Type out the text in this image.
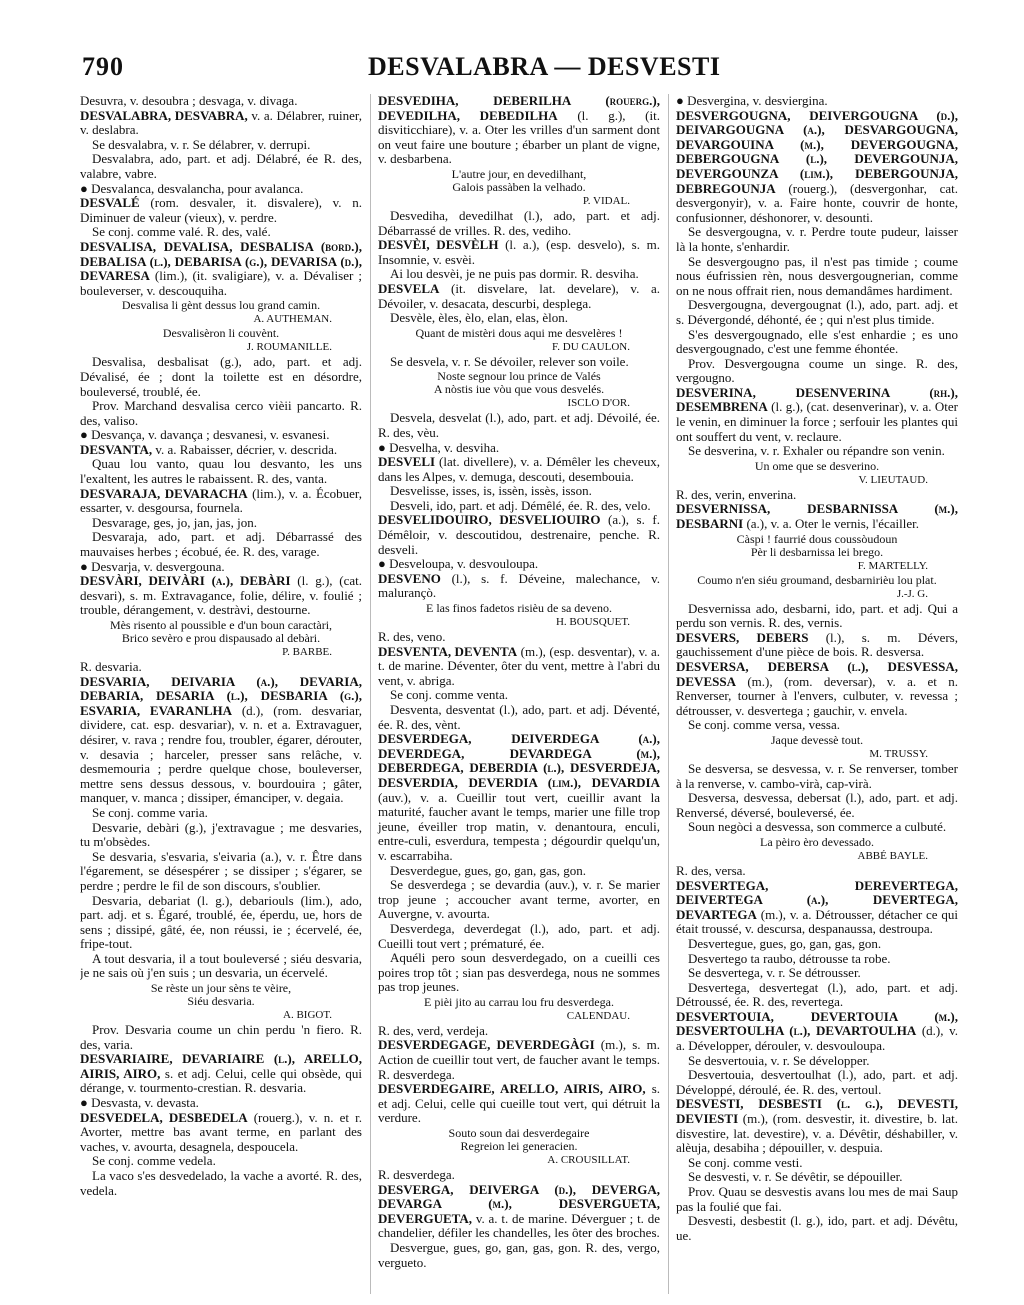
790	DESVALABRA — DESVESTI

Desuvra, v. desoubra ; desvaga, v. divaga.

DESVALABRA, DESVABRA, v. a. Délabrer, ruiner, v. deslabra.

Se desvalabra, v. r. Se délabrer, v. derrupi.

Desvalabra, ado, part. et adj. Délabré, ée R. des, valabre, vabre.

● Desvalanca, desvalancha, pour avalanca.

DESVALÉ (rom. desvaler, it. disvalere), v. n. Diminuer de valeur (vieux), v. perdre.

Se conj. comme valé. R. des, valé.

DESVALISA, DEVALISA, DESBALISA (bord.), DEBALISA (l.), DEBARISA (g.), DEVARISA (d.), DEVARESA (lim.), (it. svaligiare), v. a. Dévaliser ; bouleverser, v. descouquiha.

Desvalisa li gènt dessus lou grand camin.
A. AUTHEMAN.
Desvalisèron li couvènt.
J. ROUMANILLE.

Desvalisa, desbalisat (g.), ado, part. et adj. Dévalisé, ée ; dont la toilette est en désordre, bouleversé, troublé, ée.

Prov. Marchand desvalisa cerco vièii pancarto. R. des, valiso.

● Desvança, v. davança ; desvanesi, v. esvanesi.

DESVANTA, v. a. Rabaisser, décrier, v. descrida.

Quau lou vanto, quau lou desvanto, les uns l'exaltent, les autres le rabaissent. R. des, vanta.

DESVARAJA, DEVARACHA (lim.), v. a. Écobuer, essarter, v. desgoursa, fournela.

Desvarage, ges, jo, jan, jas, jon.

Desvaraja, ado, part. et adj. Débarrassé des mauvaises herbes ; écobué, ée. R. des, varage.

● Desvarja, v. desvergouna.

DESVÀRI, DEIVÀRI (a.), DEBÀRI (l. g.), (cat. desvari), s. m. Extravagance, folie, délire, v. foulié ; trouble, dérangement, v. destràvi, destourne.

Mès risento al poussible e d'un boun caractàri,
Brico sevèro e prou dispausado al debàri.
P. BARBE.

R. desvaria.

DESVARIA, DEIVARIA (a.), DEVARIA, DEBARIA, DESARIA (l.), DESBARIA (g.), ESVARIA, EVARANLHA (d.), (rom. desvariar, dividere, cat. esp. desvariar), v. n. et a. Extravaguer, désirer, v. rava ; rendre fou, troubler, égarer, dérouter, v. desavia ; harceler, presser sans relâche, v. desmemouria ; perdre quelque chose, bouleverser, mettre sens dessus dessous, v. bourdouira ; gâter, manquer, v. manca ; dissiper, émanciper, v. degaia.

Se conj. comme varia.

Desvarie, debàri (g.), j'extravague ; me desvaries, tu m'obsèdes.

Se desvaria, s'esvaria, s'eivaria (a.), v. r. Être dans l'égarement, se désespérer ; se dissiper ; s'égarer, se perdre ; perdre le fil de son discours, s'oublier.

Desvaria, debariat (l. g.), debariouls (lim.), ado, part. adj. et s. Égaré, troublé, ée, éperdu, ue, hors de sens ; dissipé, gâté, ée, non réussi, ie ; écervelé, ée, fripe-tout.

A tout desvaria, il a tout bouleversé ; siéu desvaria, je ne sais où j'en suis ; un desvaria, un écervelé.

Se rèste un jour sèns te vèire,
Siéu desvaria.
A. BIGOT.

Prov. Desvaria coume un chin perdu 'n fiero. R. des, varia.

DESVARIAIRE, DEVARIAIRE (l.), ARELLO, AIRIS, AIRO, s. et adj. Celui, celle qui obsède, qui dérange, v. tourmento-crestian. R. desvaria.

● Desvasta, v. devasta.

DESVEDELA, DESBEDELA (rouerg.), v. n. et r. Avorter, mettre bas avant terme, en parlant des vaches, v. avourta, desagnela, despoucela.

Se conj. comme vedela.

La vaco s'es desvedelado, la vache a avorté. R. des, vedela.

DESVEDIHA, DEBERILHA (rouerg.), DEVEDILHA, DEBEDILHA (l. g.), (it. disviticchiare), v. a. Oter les vrilles d'un sarment dont on veut faire une bouture ; ébarber un plant de vigne, v. desbarbena.

L'autre jour, en devedilhant,
Galois passàben la velhado.
P. VIDAL.

Desvediha, devedilhat (l.), ado, part. et adj. Débarrassé de vrilles. R. des, vediho.

DESVÈI, DESVÈLH (l. a.), (esp. desvelo), s. m. Insomnie, v. esvèi.

Ai lou desvèi, je ne puis pas dormir. R. desviha.

DESVELA (it. disvelare, lat. develare), v. a. Dévoiler, v. desacata, descurbi, desplega.

Desvèle, èles, èlo, elan, elas, èlon.

Quant de mistèri dous aqui me desvelères !
F. DU CAULON.

Se desvela, v. r. Se dévoiler, relever son voile.

Noste segnour lou prince de Valés
A nòstis iue vòu que vous desvelés.
ISCLO D'OR.

Desvela, desvelat (l.), ado, part. et adj. Dévoilé, ée. R. des, vèu.

● Desvelha, v. desviha.

DESVELI (lat. divellere), v. a. Démêler les cheveux, dans les Alpes, v. demuga, descouti, desembouia.

Desvelisse, isses, is, issèn, issès, isson.

Desveli, ido, part. et adj. Démêlé, ée. R. des, velo.

DESVELIDOUIRO, DESVELIOUIRO (a.), s. f. Démêloir, v. descoutidou, destrenaire, penche. R. desveli.

● Desveloupa, v. desvouloupa.

DESVENO (l.), s. f. Déveine, malechance, v. malurançò.

E las finos fadetos risièu de sa deveno.
H. BOUSQUET.

R. des, veno.

DESVENTA, DEVENTA (m.), (esp. desventar), v. a. t. de marine. Déventer, ôter du vent, mettre à l'abri du vent, v. abriga.

Se conj. comme venta.

Desventa, desventat (l.), ado, part. et adj. Déventé, ée. R. des, vènt.

DESVERDEGA, DEIVERDEGA (a.), DEVERDEGA, DEVARDEGA (m.), DEBERDEGA, DEBERDIA (l.), DESVERDEJA, DESVERDIA, DEVERDIA (lim.), DEVARDIA (auv.), v. a. Cueillir tout vert, cueillir avant la maturité, faucher avant le temps, marier une fille trop jeune, éveiller trop matin, v. denantoura, enculi, entre-culi, esverdura, tempesta ; dégourdir quelqu'un, v. escarrabiha.

Desverdegue, gues, go, gan, gas, gon.

Se desverdega ; se devardia (auv.), v. r. Se marier trop jeune ; accoucher avant terme, avorter, en Auvergne, v. avourta.

Desverdega, deverdegat (l.), ado, part. et adj. Cueilli tout vert ; prématuré, ée.

Aquéli pero soun desverdegado, on a cueilli ces poires trop tôt ; sian pas desverdega, nous ne sommes pas trop jeunes.

E pièi jito au carrau lou fru desverdega.
CALENDAU.

R. des, verd, verdeja.

DESVERDEGAGE, DEVERDEGÀGI (m.), s. m. Action de cueillir tout vert, de faucher avant le temps. R. desverdega.

DESVERDEGAIRE, ARELLO, AIRIS, AIRO, s. et adj. Celui, celle qui cueille tout vert, qui détruit la verdure.

Souto soun dai desverdegaire
Regreion lei generacien.
A. CROUSILLAT.

R. desverdega.

DESVERGA, DEIVERGA (d.), DEVERGA, DEVARGA (m.), DESVERGUETA, DEVERGUETA, v. a. t. de marine. Déverguer ; t. de chandelier, défiler les chandelles, les ôter des broches.

Desvergue, gues, go, gan, gas, gon. R. des, vergo, vergueto.

● Desvergina, v. desviergina.

DESVERGOUGNA, DEIVERGOUGNA (d.), DEIVARGOUGNA (a.), DESVARGOUGNA, DEVARGOUINA (m.), DEVERGOUGNA, DEBERGOUGNA (l.), DEVERGOUNJA, DEVERGOUNZA (lim.), DEBERGOUNJA, DEBREGOUNJA (rouerg.), (desvergonhar, cat. desvergonyir), v. a. Faire honte, couvrir de honte, confusionner, déshonorer, v. desounti.

Se desvergougna, v. r. Perdre toute pudeur, laisser là la honte, s'enhardir.

Se desvergougno pas, il n'est pas timide ; coume nous éufrissien rèn, nous desvergougnerian, comme on ne nous offrait rien, nous demandâmes hardiment.

Desvergougna, devergougnat (l.), ado, part. adj. et s. Dévergondé, déhonté, ée ; qui n'est plus timide.

S'es desvergougnado, elle s'est enhardie ; es uno desvergougnado, c'est une femme éhontée.

Prov. Desvergougna coume un singe. R. des, vergougno.

DESVERINA, DESENVERINA (rh.), DESEMBRENA (l. g.), (cat. desenverinar), v. a. Oter le venin, en diminuer la force ; serfouir les plantes qui ont souffert du vent, v. reclaure.

Se desverina, v. r. Exhaler ou répandre son venin.

Un ome que se desverino.
V. LIEUTAUD.

R. des, verin, enverina.

DESVERNISSA, DESBARNISSA (m.), DESBARNI (a.), v. a. Oter le vernis, l'écailler.

Càspi ! faurrié dous coussòudoun
Pèr li desbarnissa lei brego.
F. MARTELLY.
Coumo n'en siéu groumand, desbarnirièu lou plat.
J.-J. G.

Desvernissa ado, desbarni, ido, part. et adj. Qui a perdu son vernis. R. des, vernis.

DESVERS, DEBERS (l.), s. m. Dévers, gauchissement d'une pièce de bois. R. desversa.

DESVERSA, DEBERSA (l.), DESVESSA, DEVESSA (m.), (rom. deversar), v. a. et n. Renverser, tourner à l'envers, culbuter, v. revessa ; détrousser, v. desvertega ; gauchir, v. envela.

Se conj. comme versa, vessa.

Jaque devessè tout.
M. TRUSSY.

Se desversa, se desvessa, v. r. Se renverser, tomber à la renverse, v. cambo-virà, cap-virà.

Desversa, desvessa, debersat (l.), ado, part. et adj. Renversé, déversé, bouleversé, ée.

Soun negòci a desvessa, son commerce a culbuté.

La pèiro èro devessado.
ABBÉ BAYLE.

R. des, versa.

DESVERTEGA, DEREVERTEGA, DEIVERTEGA (a.), DEVERTEGA, DEVARTEGA (m.), v. a. Détrousser, détacher ce qui était troussé, v. descursa, despanaussa, destroupa.

Desvertegue, gues, go, gan, gas, gon.

Desvertego ta raubo, détrousse ta robe.

Se desvertega, v. r. Se détrousser.

Desvertega, desvertegat (l.), ado, part. et adj. Détroussé, ée. R. des, revertega.

DESVERTOUIA, DEVERTOUIA (m.), DESVERTOULHA (l.), DEVARTOULHA (d.), v. a. Développer, dérouler, v. desvouloupa.

Se desvertouia, v. r. Se développer.

Desvertouia, desvertoulhat (l.), ado, part. et adj. Développé, déroulé, ée. R. des, vertoul.

DESVESTI, DESBESTI (l. g.), DEVESTI, DEVIESTI (m.), (rom. desvestir, it. divestire, b. lat. disvestire, lat. devestire), v. a. Dévêtir, déshabiller, v. alèuja, desabiha ; dépouiller, v. despuia.

Se conj. comme vesti.

Se desvesti, v. r. Se dévêtir, se dépouiller.

Prov. Quau se desvestis avans lou mes de mai Saup pas la foulié que fai.

Desvesti, desbestit (l. g.), ido, part. et adj. Dévêtu, ue.
